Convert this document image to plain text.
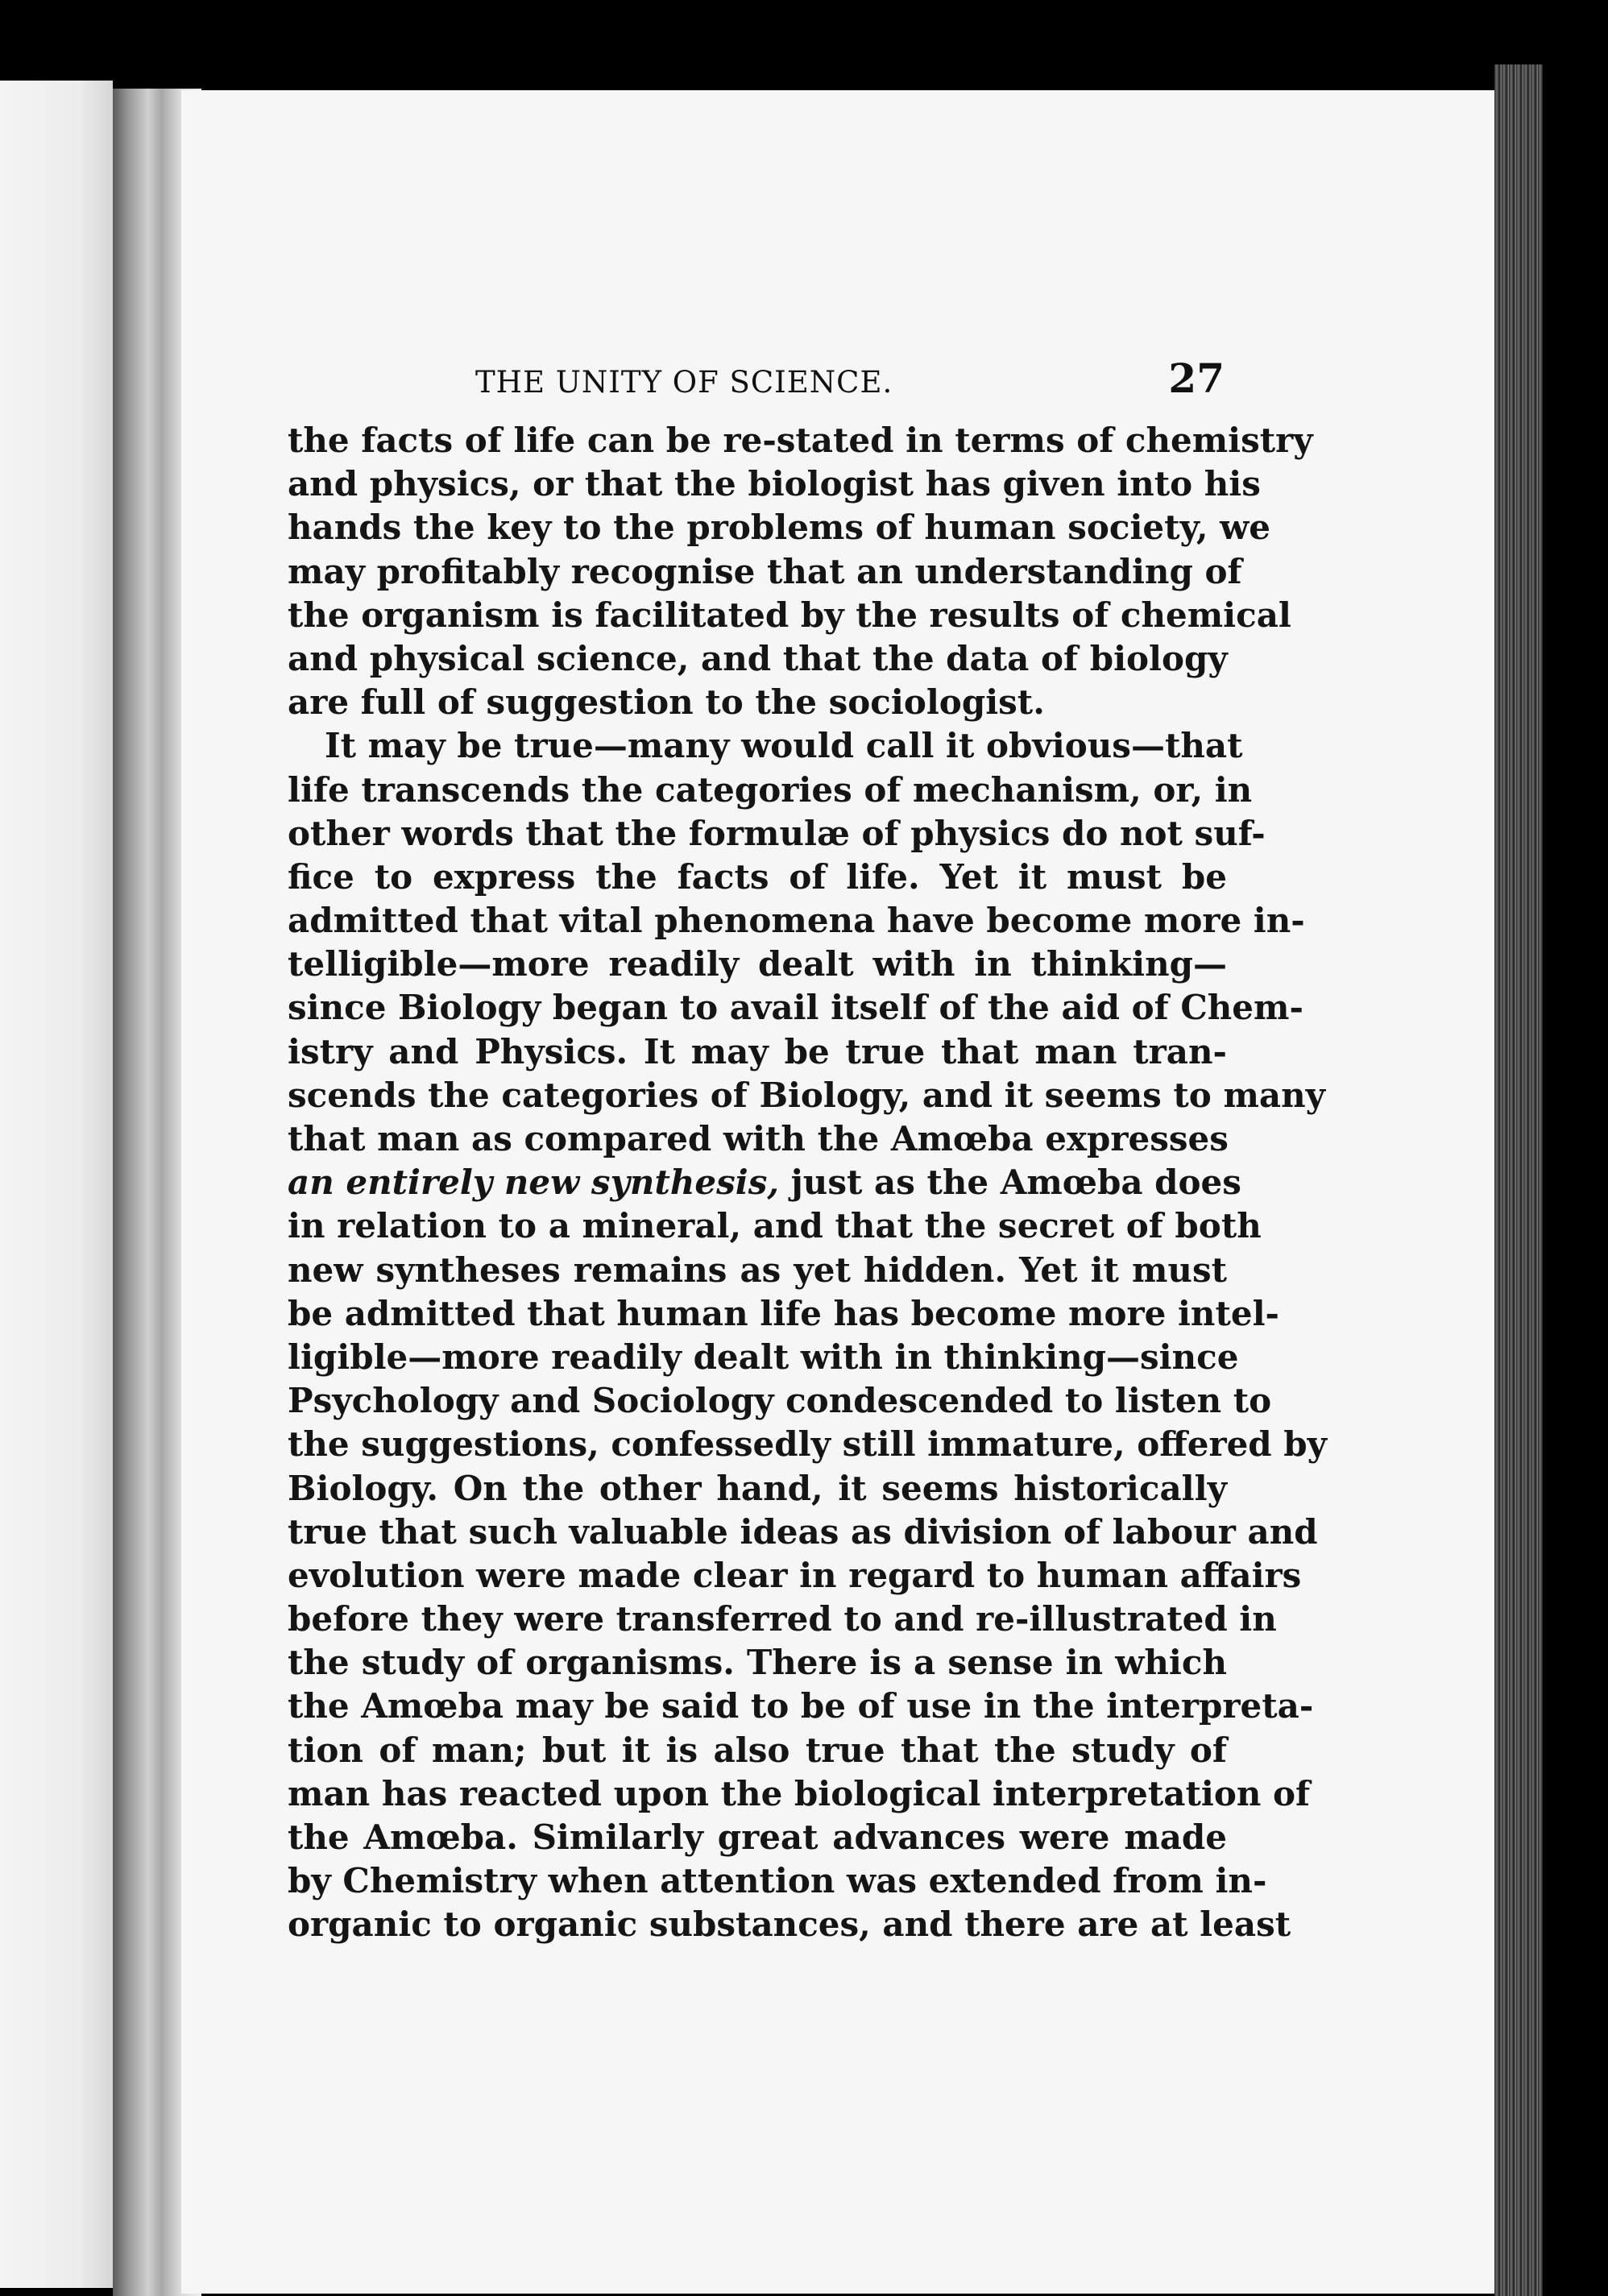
THE UNITY OF SCIENCE.	27
the facts of life can be re-stated in terms of chemistry
and physics, or that the biologist has given into his
hands the key to the problems of human society, we
may profitably recognise that an understanding of
the organism is facilitated by the results of chemical
and physical science, and that the data of biology
are full of suggestion to the sociologist.
It may be true—many would call it obvious—that
life transcends the categories of mechanism, or, in
other words that the formulæ of physics do not suf-
fice to express the facts of life. Yet it must be
admitted that vital phenomena have become more in-
telligible—more readily dealt with in thinking—
since Biology began to avail itself of the aid of Chem-
istry and Physics. It may be true that man tran-
scends the categories of Biology, and it seems to many
that man as compared with the Amœba expresses
an entirely new synthesis, just as the Amœba does
in relation to a mineral, and that the secret of both
new syntheses remains as yet hidden. Yet it must
be admitted that human life has become more intel-
ligible—more readily dealt with in thinking—since
Psychology and Sociology condescended to listen to
the suggestions, confessedly still immature, offered by
Biology. On the other hand, it seems historically
true that such valuable ideas as division of labour and
evolution were made clear in regard to human affairs
before they were transferred to and re-illustrated in
the study of organisms. There is a sense in which
the Amœba may be said to be of use in the interpreta-
tion of man; but it is also true that the study of
man has reacted upon the biological interpretation of
the Amœba. Similarly great advances were made
by Chemistry when attention was extended from in-
organic to organic substances, and there are at least
